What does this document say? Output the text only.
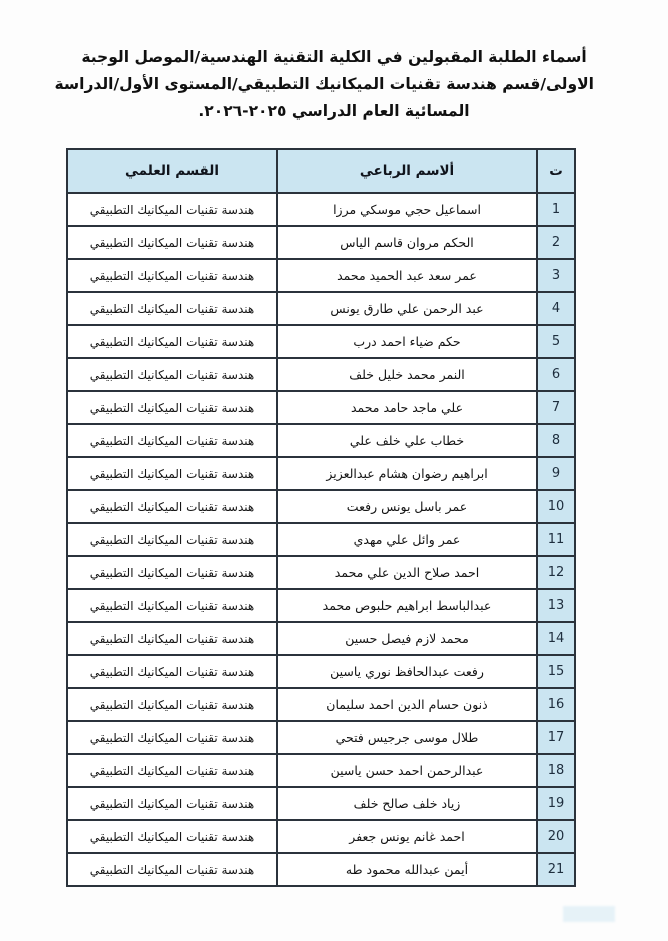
أسماء الطلبة المقبولين في الكلية التقنية الهندسية/الموصل الوجبة
الاولى/قسم هندسة تقنيات الميكانيك التطبيقي/المستوى الأول/الدراسة
المسائية العام الدراسي ٢٠٢٥-٢٠٢٦.
ت	ألاسم الرباعي	القسم العلمي
1	اسماعيل حجي موسكي مرزا	هندسة تقنيات الميكانيك التطبيقي
2	الحكم مروان قاسم الياس	هندسة تقنيات الميكانيك التطبيقي
3	عمر سعد عبد الحميد محمد	هندسة تقنيات الميكانيك التطبيقي
4	عبد الرحمن علي طارق يونس	هندسة تقنيات الميكانيك التطبيقي
5	حكم ضياء احمد درب	هندسة تقنيات الميكانيك التطبيقي
6	النمر محمد خليل خلف	هندسة تقنيات الميكانيك التطبيقي
7	علي ماجد حامد محمد	هندسة تقنيات الميكانيك التطبيقي
8	خطاب علي خلف علي	هندسة تقنيات الميكانيك التطبيقي
9	ابراهيم رضوان هشام عبدالعزيز	هندسة تقنيات الميكانيك التطبيقي
10	عمر باسل يونس رفعت	هندسة تقنيات الميكانيك التطبيقي
11	عمر وائل علي مهدي	هندسة تقنيات الميكانيك التطبيقي
12	احمد صلاح الدين علي محمد	هندسة تقنيات الميكانيك التطبيقي
13	عبدالباسط ابراهيم حلبوص محمد	هندسة تقنيات الميكانيك التطبيقي
14	محمد لازم فيصل حسين	هندسة تقنيات الميكانيك التطبيقي
15	رفعت عبدالحافظ نوري ياسين	هندسة تقنيات الميكانيك التطبيقي
16	ذنون حسام الدين احمد سليمان	هندسة تقنيات الميكانيك التطبيقي
17	طلال موسى جرجيس فتحي	هندسة تقنيات الميكانيك التطبيقي
18	عبدالرحمن احمد حسن ياسين	هندسة تقنيات الميكانيك التطبيقي
19	زياد خلف صالح خلف	هندسة تقنيات الميكانيك التطبيقي
20	احمد غانم يونس جعفر	هندسة تقنيات الميكانيك التطبيقي
21	أيمن عبدالله محمود طه	هندسة تقنيات الميكانيك التطبيقي
